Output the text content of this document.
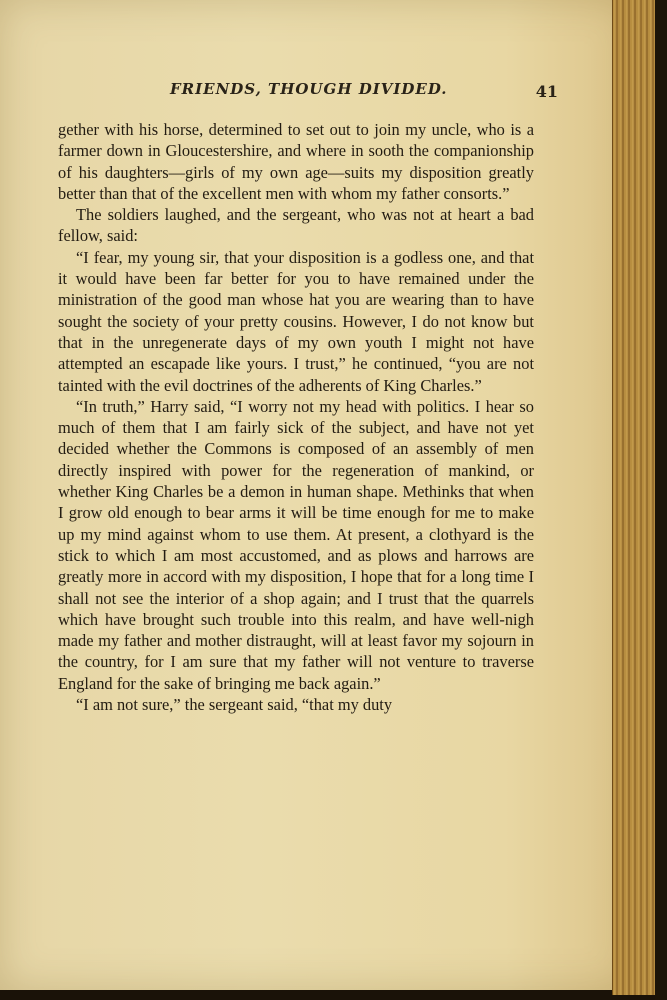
FRIENDS, THOUGH DIVIDED.	41

gether with his horse, determined to set out to join my uncle, who is a farmer down in Gloucestershire, and where in sooth the companionship of his daughters—girls of my own age—suits my disposition greatly better than that of the excellent men with whom my father consorts.”

The soldiers laughed, and the sergeant, who was not at heart a bad fellow, said:

“I fear, my young sir, that your disposition is a godless one, and that it would have been far better for you to have remained under the ministration of the good man whose hat you are wearing than to have sought the society of your pretty cousins. However, I do not know but that in the unregenerate days of my own youth I might not have attempted an escapade like yours. I trust,” he continued, “you are not tainted with the evil doctrines of the adherents of King Charles.”

“In truth,” Harry said, “I worry not my head with politics. I hear so much of them that I am fairly sick of the subject, and have not yet decided whether the Commons is composed of an assembly of men directly inspired with power for the regeneration of mankind, or whether King Charles be a demon in human shape. Methinks that when I grow old enough to bear arms it will be time enough for me to make up my mind against whom to use them. At present, a clothyard is the stick to which I am most accustomed, and as plows and harrows are greatly more in accord with my disposition, I hope that for a long time I shall not see the interior of a shop again; and I trust that the quarrels which have brought such trouble into this realm, and have well-nigh made my father and mother distraught, will at least favor my sojourn in the country, for I am sure that my father will not venture to traverse England for the sake of bringing me back again.”

“I am not sure,” the sergeant said, “that my duty
